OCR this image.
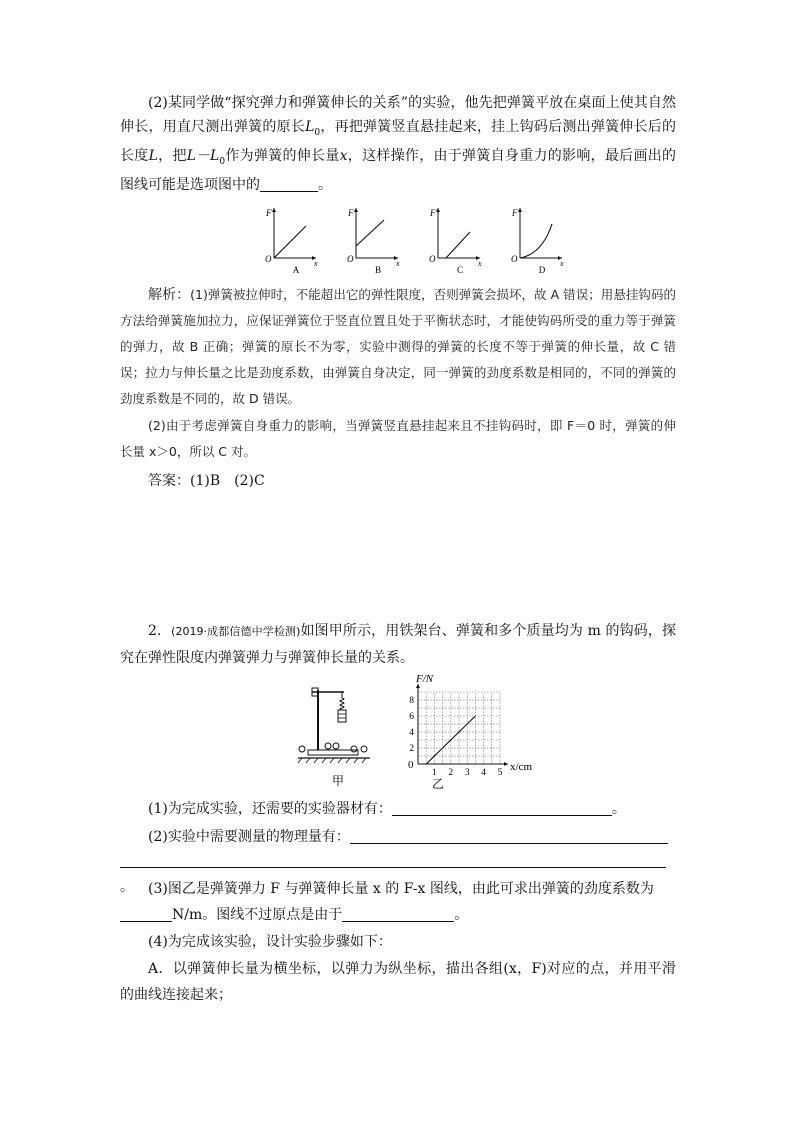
(2)某同学做“探究弹力和弹簧伸长的关系”的实验，他先把弹簧平放在桌面上使其自然伸长，用直尺测出弹簧的原长$L_0$，再把弹簧竖直悬挂起来，挂上钩码后测出弹簧伸长后的长度L，把$L-L_0$作为弹簧的伸长量x，这样操作，由于弹簧自身重力的影响，最后画出的图线可能是选项图中的	。
F
x
O
A
F
x
O
B
F
x
O
C
F
x
O
D
解析：(1)弹簧被拉伸时，不能超出它的弹性限度，否则弹簧会损坏，故 A 错误；用悬挂钩码的方法给弹簧施加拉力，应保证弹簧位于竖直位置且处于平衡状态时，才能使钩码所受的重力等于弹簧的弹力，故 B 正确；弹簧的原长不为零，实验中测得的弹簧的长度不等于弹簧的伸长量，故 C 错误；拉力与伸长量之比是劲度系数，由弹簧自身决定，同一弹簧的劲度系数是相同的，不同的弹簧的劲度系数是不同的，故 D 错误。
(2)由于考虑弹簧自身重力的影响，当弹簧竖直悬挂起来且不挂钩码时，即 F＝0 时，弹簧的伸长量 x＞0，所以 C 对。
答案：(1)B　(2)C
2．(2019·成都信德中学检测)如图甲所示，用铁架台、弹簧和多个质量均为 m 的钩码，探究在弹性限度内弹簧弹力与弹簧伸长量的关系。
甲
1 2 3 4 5
2
4
6
8
F/N
x/cm
0
乙
(1)为完成实验，还需要的实验器材有：	。
(2)实验中需要测量的物理量有：
。	(3)图乙是弹簧弹力 F 与弹簧伸长量 x 的 F-x 图线，由此可求出弹簧的劲度系数为
N/m。图线不过原点是由于	。
(4)为完成该实验，设计实验步骤如下：
A．以弹簧伸长量为横坐标，以弹力为纵坐标，描出各组(x，F)对应的点，并用平滑的曲线连接起来；
